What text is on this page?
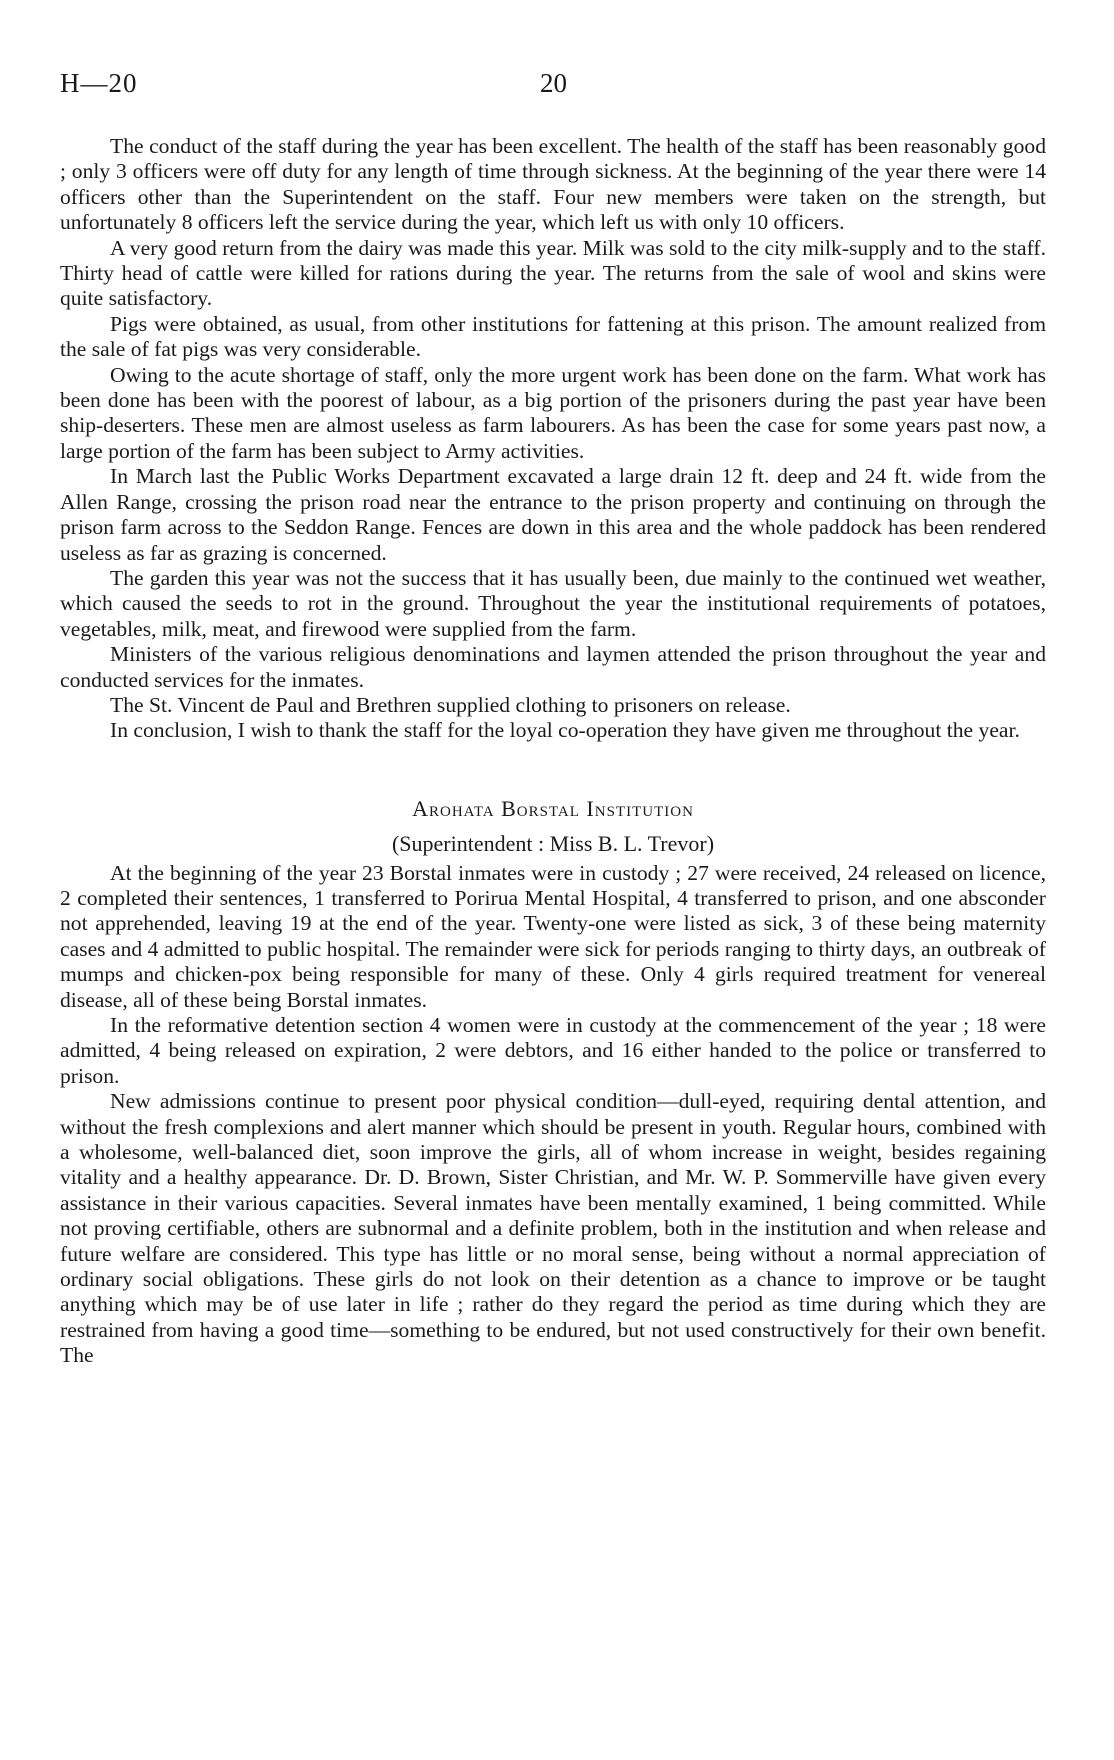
H—20	20

The conduct of the staff during the year has been excellent. The health of the staff has been reasonably good ; only 3 officers were off duty for any length of time through sickness. At the beginning of the year there were 14 officers other than the Superintendent on the staff. Four new members were taken on the strength, but unfortunately 8 officers left the service during the year, which left us with only 10 officers.

A very good return from the dairy was made this year. Milk was sold to the city milk-supply and to the staff. Thirty head of cattle were killed for rations during the year. The returns from the sale of wool and skins were quite satisfactory.

Pigs were obtained, as usual, from other institutions for fattening at this prison. The amount realized from the sale of fat pigs was very considerable.

Owing to the acute shortage of staff, only the more urgent work has been done on the farm. What work has been done has been with the poorest of labour, as a big portion of the prisoners during the past year have been ship-deserters. These men are almost useless as farm labourers. As has been the case for some years past now, a large portion of the farm has been subject to Army activities.

In March last the Public Works Department excavated a large drain 12 ft. deep and 24 ft. wide from the Allen Range, crossing the prison road near the entrance to the prison property and continuing on through the prison farm across to the Seddon Range. Fences are down in this area and the whole paddock has been rendered useless as far as grazing is concerned.

The garden this year was not the success that it has usually been, due mainly to the continued wet weather, which caused the seeds to rot in the ground. Throughout the year the institutional requirements of potatoes, vegetables, milk, meat, and firewood were supplied from the farm.

Ministers of the various religious denominations and laymen attended the prison throughout the year and conducted services for the inmates.

The St. Vincent de Paul and Brethren supplied clothing to prisoners on release.

In conclusion, I wish to thank the staff for the loyal co-operation they have given me throughout the year.

Arohata Borstal Institution
(Superintendent : Miss B. L. Trevor)

At the beginning of the year 23 Borstal inmates were in custody ; 27 were received, 24 released on licence, 2 completed their sentences, 1 transferred to Porirua Mental Hospital, 4 transferred to prison, and one absconder not apprehended, leaving 19 at the end of the year. Twenty-one were listed as sick, 3 of these being maternity cases and 4 admitted to public hospital. The remainder were sick for periods ranging to thirty days, an outbreak of mumps and chicken-pox being responsible for many of these. Only 4 girls required treatment for venereal disease, all of these being Borstal inmates.

In the reformative detention section 4 women were in custody at the commencement of the year ; 18 were admitted, 4 being released on expiration, 2 were debtors, and 16 either handed to the police or transferred to prison.

New admissions continue to present poor physical condition—dull-eyed, requiring dental attention, and without the fresh complexions and alert manner which should be present in youth. Regular hours, combined with a wholesome, well-balanced diet, soon improve the girls, all of whom increase in weight, besides regaining vitality and a healthy appearance. Dr. D. Brown, Sister Christian, and Mr. W. P. Sommerville have given every assistance in their various capacities. Several inmates have been mentally examined, 1 being committed. While not proving certifiable, others are subnormal and a definite problem, both in the institution and when release and future welfare are considered. This type has little or no moral sense, being without a normal appreciation of ordinary social obligations. These girls do not look on their detention as a chance to improve or be taught anything which may be of use later in life ; rather do they regard the period as time during which they are restrained from having a good time—something to be endured, but not used constructively for their own benefit. The
